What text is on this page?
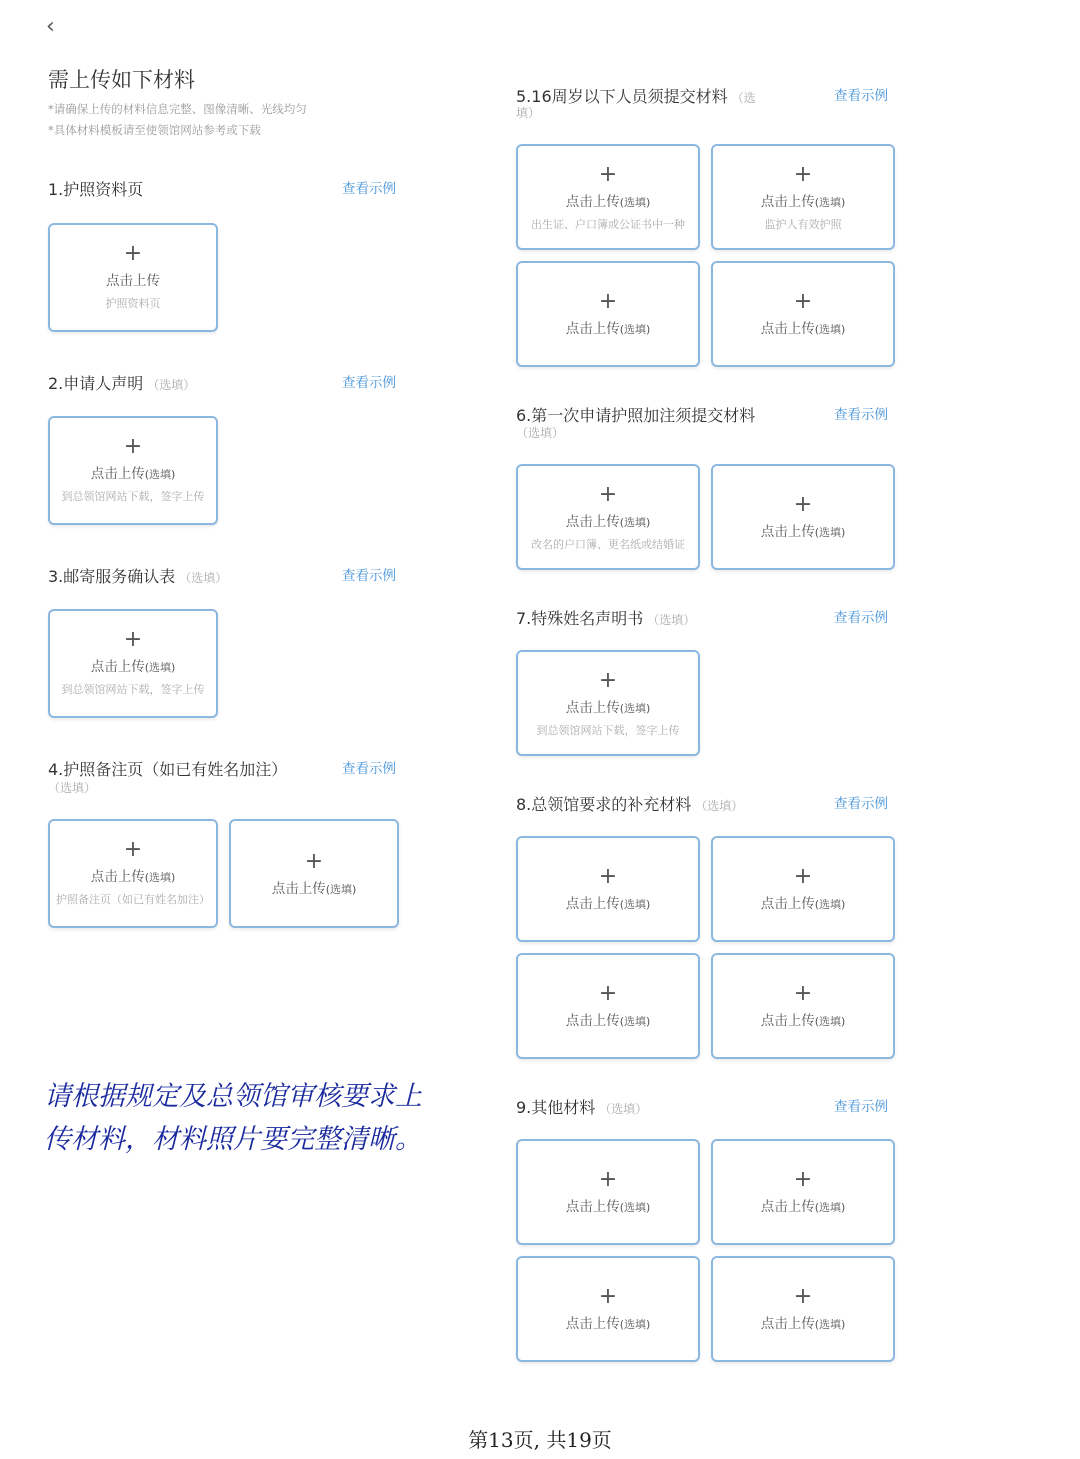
‹
需上传如下材料
*请确保上传的材料信息完整、图像清晰、光线均匀
*具体材料模板请至使领馆网站参考或下载
1.护照资料页	查看示例
+
点击上传
护照资料页
2.申请人声明 （选填）	查看示例
+
点击上传(选填)
到总领馆网站下载，签字上传
3.邮寄服务确认表 （选填）	查看示例
+
点击上传(选填)
到总领馆网站下载，签字上传
4.护照备注页（如已有姓名加注）
（选填）
查看示例
+
点击上传(选填)
护照备注页（如已有姓名加注）
+
点击上传(选填)
请根据规定及总领馆审核要求上传材料，材料照片要完整清晰。
5.16周岁以下人员须提交材料 （选
填）
查看示例
+
点击上传(选填)
出生证、户口簿或公证书中一种
+
点击上传(选填)
监护人有效护照
+
点击上传(选填)
+
点击上传(选填)
6.第一次申请护照加注须提交材料
（选填）
查看示例
+
点击上传(选填)
改名的户口簿、更名纸或结婚证
+
点击上传(选填)
7.特殊姓名声明书 （选填）	查看示例
+
点击上传(选填)
到总领馆网站下载，签字上传
8.总领馆要求的补充材料 （选填）	查看示例
+
点击上传(选填)
+
点击上传(选填)
+
点击上传(选填)
+
点击上传(选填)
9.其他材料 （选填）	查看示例
+
点击上传(选填)
+
点击上传(选填)
+
点击上传(选填)
+
点击上传(选填)
第13页, 共19页
